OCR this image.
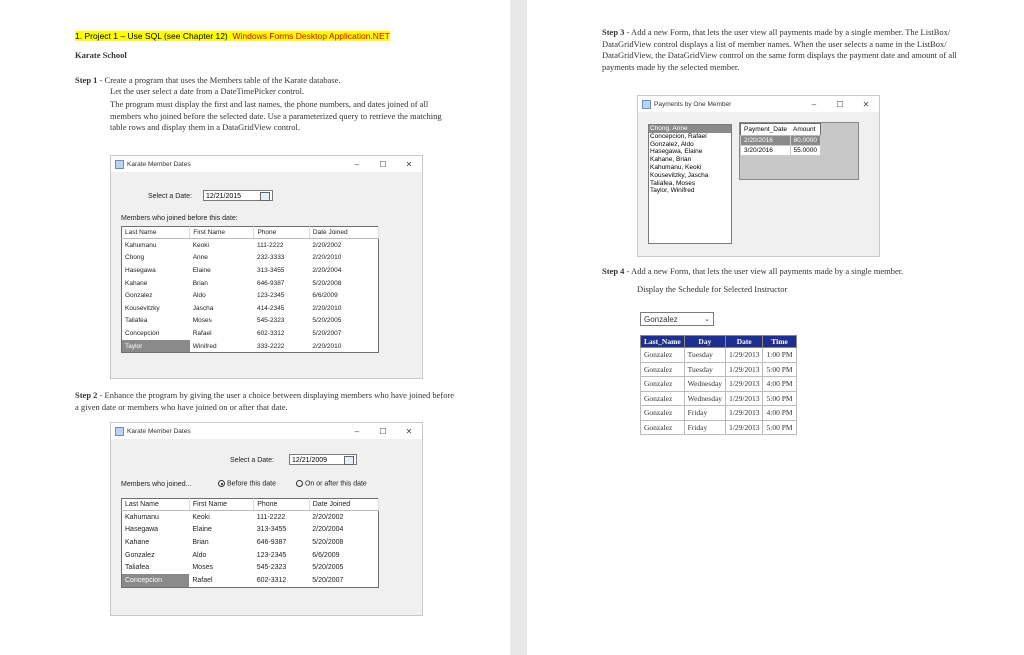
1. Project 1 – Use SQL (see Chapter 12) Windows Forms Desktop Application.NET
Karate School
Step 1 - Create a program that uses the Members table of the Karate database.
Let the user select a date from a DateTimePicker control.
The program must display the first and last names, the phone numbers, and dates joined of all members who joined before the selected date. Use a parameterized query to retrieve the matching table rows and display them in a DataGridView control.
Karate Member Dates	–	☐	✕
Select a Date:	12/21/2015
Members who joined before this date:
Last Name	First Name	Phone	Date Joined
Kahumanu	Keoki	111-2222	2/20/2002
Chong	Anne	232-3333	2/20/2010
Hasegawa	Elaine	313-3455	2/20/2004
Kahane	Brian	646-9387	5/20/2008
Gonzalez	Aldo	123-2345	6/6/2009
Kousevitzky	Jascha	414-2345	2/20/2010
Taliafea	Moses	545-2323	5/20/2005
Concepcion	Rafael	602-3312	5/20/2007
Taylor	Winifred	333-2222	2/20/2010
Step 2 - Enhance the program by giving the user a choice between displaying members who have joined before a given date or members who have joined on or after that date.
Karate Member Dates	–	☐	✕
Select a Date:	12/21/2009
Members who joined...	Before this date	On or after this date
Last Name	First Name	Phone	Date Joined
Kahumanu	Keoki	111-2222	2/20/2002
Hasegawa	Elaine	313-3455	2/20/2004
Kahane	Brian	646-9387	5/20/2008
Gonzalez	Aldo	123-2345	6/6/2009
Taliafea	Moses	545-2323	5/20/2005
Concepcion	Rafael	602-3312	5/20/2007
Step 3 - Add a new Form, that lets the user view all payments made by a single member. The ListBox/ DataGridView control displays a list of member names. When the user selects a name in the ListBox/ DataGridView, the DataGridView control on the same form displays the payment date and amount of all payments made by the selected member.
Payments by One Member	–	☐	✕
Chong, Anne
Concepcion, Rafael
Gonzalez, Aldo
Hasegawa, Elaine
Kahane, Brian
Kahumanu, Keoki
Kousevitzky, Jascha
Taliafea, Moses
Taylor, Winifred
Payment_Date	Amount
2/20/2016	80.0000
3/20/2016	55.0000
Step 4 - Add a new Form, that lets the user view all payments made by a single member.
Display the Schedule for Selected Instructor
Gonzalez	⌄
Last_Name	Day	Date	Time
Gonzalez	Tuesday	1/29/2013	1:00 PM
Gonzalez	Tuesday	1/29/2013	5:00 PM
Gonzalez	Wednesday	1/29/2013	4:00 PM
Gonzalez	Wednesday	1/29/2013	5:00 PM
Gonzalez	Friday	1/29/2013	4:00 PM
Gonzalez	Friday	1/29/2013	5:00 PM
